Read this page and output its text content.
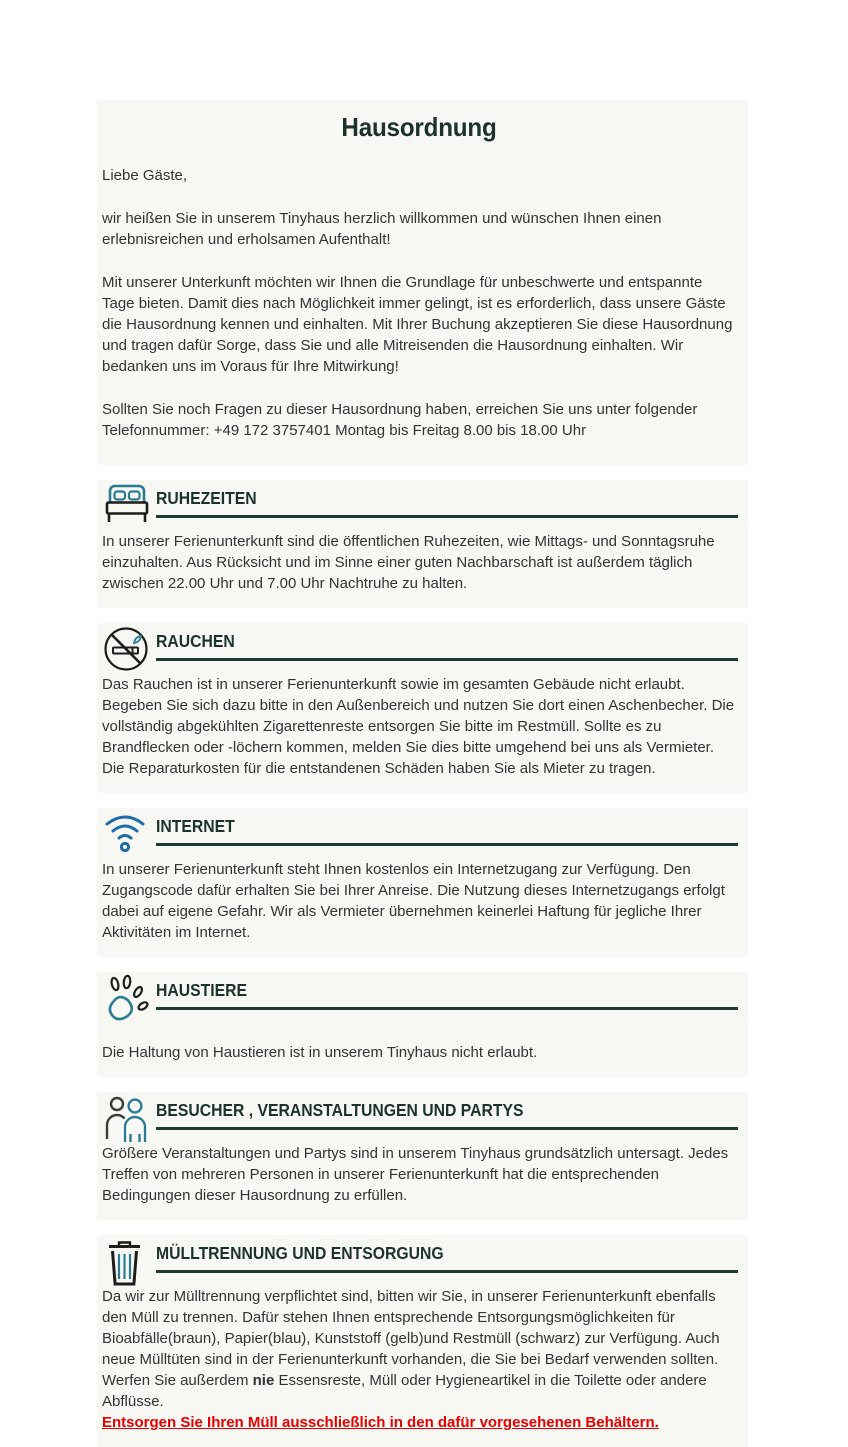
Hausordnung

Liebe Gäste,

wir heißen Sie in unserem Tinyhaus herzlich willkommen und wünschen Ihnen einen erlebnisreichen und erholsamen Aufenthalt!

Mit unserer Unterkunft möchten wir Ihnen die Grundlage für unbeschwerte und entspannte Tage bieten. Damit dies nach Möglichkeit immer gelingt, ist es erforderlich, dass unsere Gäste die Hausordnung kennen und einhalten. Mit Ihrer Buchung akzeptieren Sie diese Hausordnung und tragen dafür Sorge, dass Sie und alle Mitreisenden die Hausordnung einhalten. Wir bedanken uns im Voraus für Ihre Mitwirkung!

Sollten Sie noch Fragen zu dieser Hausordnung haben, erreichen Sie uns unter folgender Telefonnummer: +49 172 3757401 Montag bis Freitag 8.00 bis 18.00 Uhr

RUHEZEITEN

In unserer Ferienunterkunft sind die öffentlichen Ruhezeiten, wie Mittags- und Sonntagsruhe einzuhalten. Aus Rücksicht und im Sinne einer guten Nachbarschaft ist außerdem täglich zwischen 22.00 Uhr und 7.00 Uhr Nachtruhe zu halten.

RAUCHEN

Das Rauchen ist in unserer Ferienunterkunft sowie im gesamten Gebäude nicht erlaubt. Begeben Sie sich dazu bitte in den Außenbereich und nutzen Sie dort einen Aschenbecher. Die vollständig abgekühlten Zigarettenreste entsorgen Sie bitte im Restmüll. Sollte es zu Brandflecken oder -löchern kommen, melden Sie dies bitte umgehend bei uns als Vermieter. Die Reparaturkosten für die entstandenen Schäden haben Sie als Mieter zu tragen.

INTERNET

In unserer Ferienunterkunft steht Ihnen kostenlos ein Internetzugang zur Verfügung. Den Zugangscode dafür erhalten Sie bei Ihrer Anreise. Die Nutzung dieses Internetzugangs erfolgt dabei auf eigene Gefahr. Wir als Vermieter übernehmen keinerlei Haftung für jegliche Ihrer Aktivitäten im Internet.

HAUSTIERE

Die Haltung von Haustieren ist in unserem Tinyhaus nicht erlaubt.

BESUCHER , VERANSTALTUNGEN UND PARTYS

Größere Veranstaltungen und Partys sind in unserem Tinyhaus grundsätzlich untersagt. Jedes Treffen von mehreren Personen in unserer Ferienunterkunft hat die entsprechenden Bedingungen dieser Hausordnung zu erfüllen.

MÜLLTRENNUNG UND ENTSORGUNG

Da wir zur Mülltrennung verpflichtet sind, bitten wir Sie, in unserer Ferienunterkunft ebenfalls den Müll zu trennen. Dafür stehen Ihnen entsprechende Entsorgungsmöglichkeiten für Bioabfälle(braun), Papier(blau), Kunststoff (gelb)und Restmüll (schwarz) zur Verfügung. Auch neue Mülltüten sind in der Ferienunterkunft vorhanden, die Sie bei Bedarf verwenden sollten. Werfen Sie außerdem nie Essensreste, Müll oder Hygieneartikel in die Toilette oder andere Abflüsse.

Entsorgen Sie Ihren Müll ausschließlich in den dafür vorgesehenen Behältern.
